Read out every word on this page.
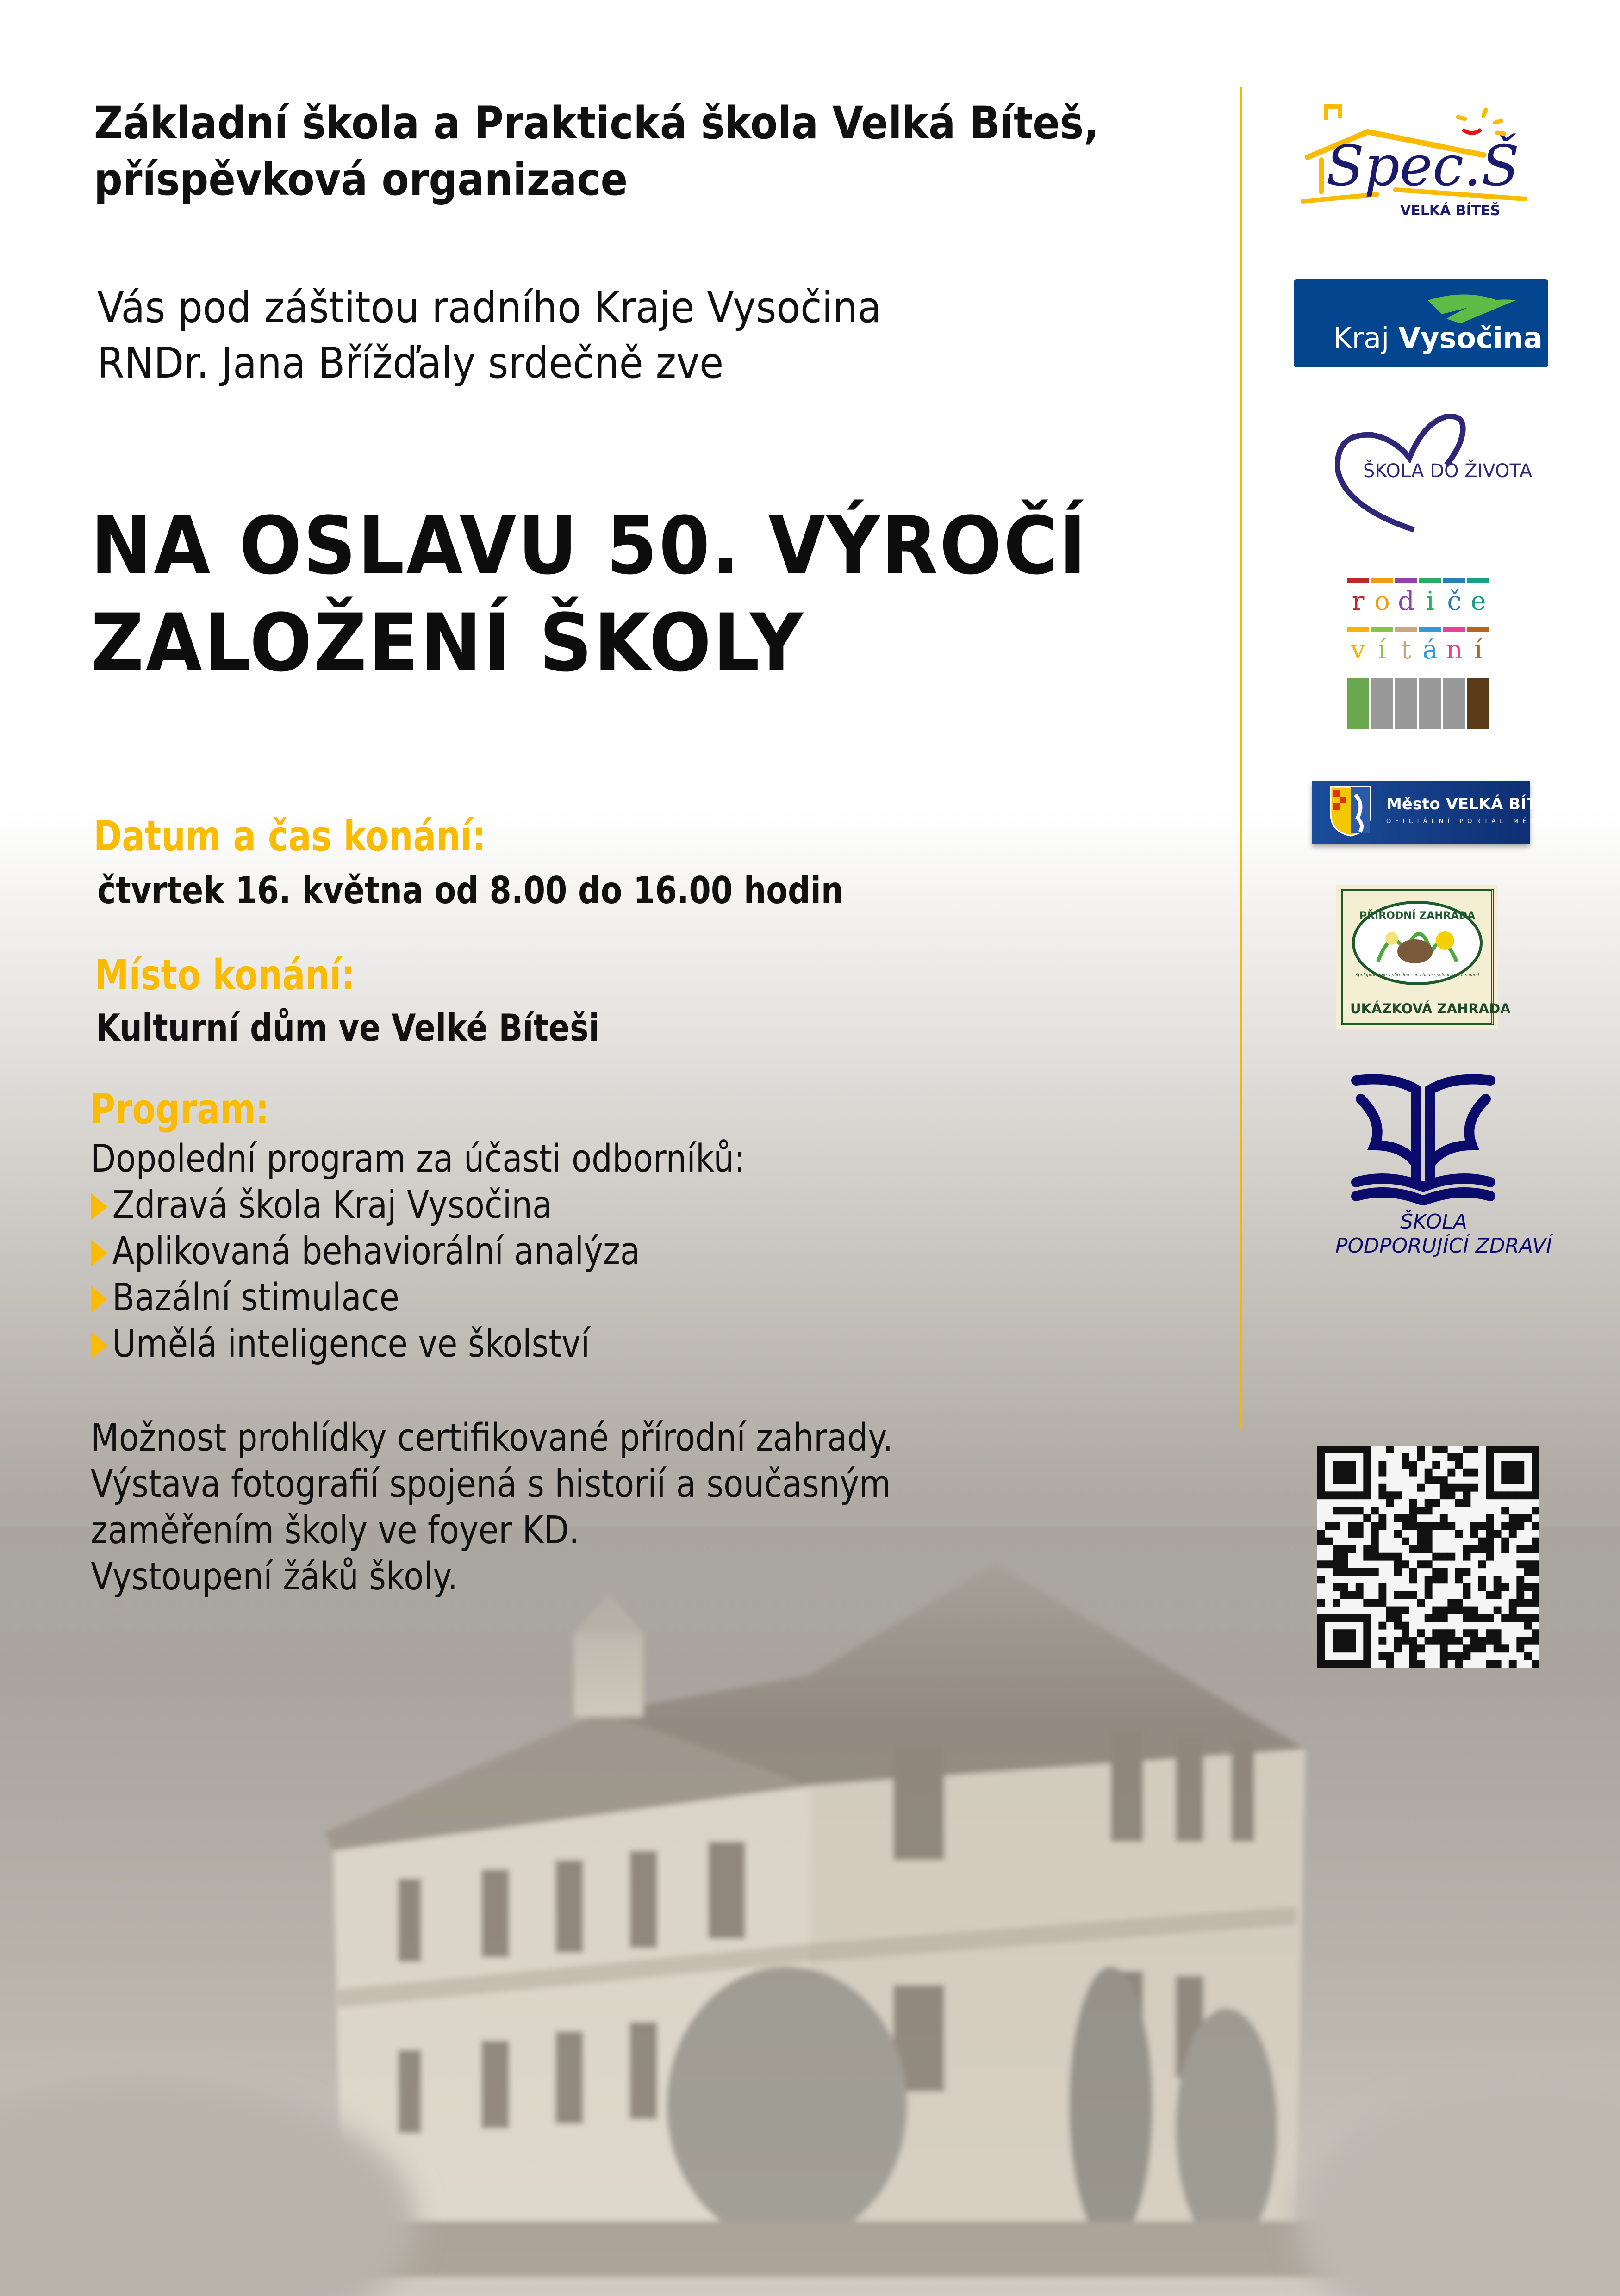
Základní škola a Praktická škola Velká Bíteš,
příspěvková organizace
Vás pod záštitou radního Kraje Vysočina
RNDr. Jana Břížďaly srdečně zve
NA OSLAVU 50. VÝROČÍ
ZALOŽENÍ ŠKOLY
Datum a čas konání:
čtvrtek 16. května od 8.00 do 16.00 hodin
Místo konání:
Kulturní dům ve Velké Bíteši
Program:
Dopolední program za účasti odborníků:
Zdravá škola Kraj Vysočina
Aplikovaná behaviorální analýza
Bazální stimulace
Umělá inteligence ve školství
Možnost prohlídky certifikované přírodní zahrady.
Výstava fotografií spojená s historií a současným
zaměřením školy ve foyer KD.
Vystoupení žáků školy.
Spec.Š
VELKÁ BÍTEŠ
Kraj Vysočina
ŠKOLA DO ŽIVOTA
r o d i č e
v í t á n í
Město VELKÁ BÍTEŠ
OFICIÁLNÍ PORTÁL MĚSTA
PŘÍRODNÍ ZAHRADA
Spolupracujme s přírodou - ona bude spolupracovat s námi
UKÁZKOVÁ ZAHRADA
ŠKOLA
PODPORUJÍCÍ ZDRAVÍ
